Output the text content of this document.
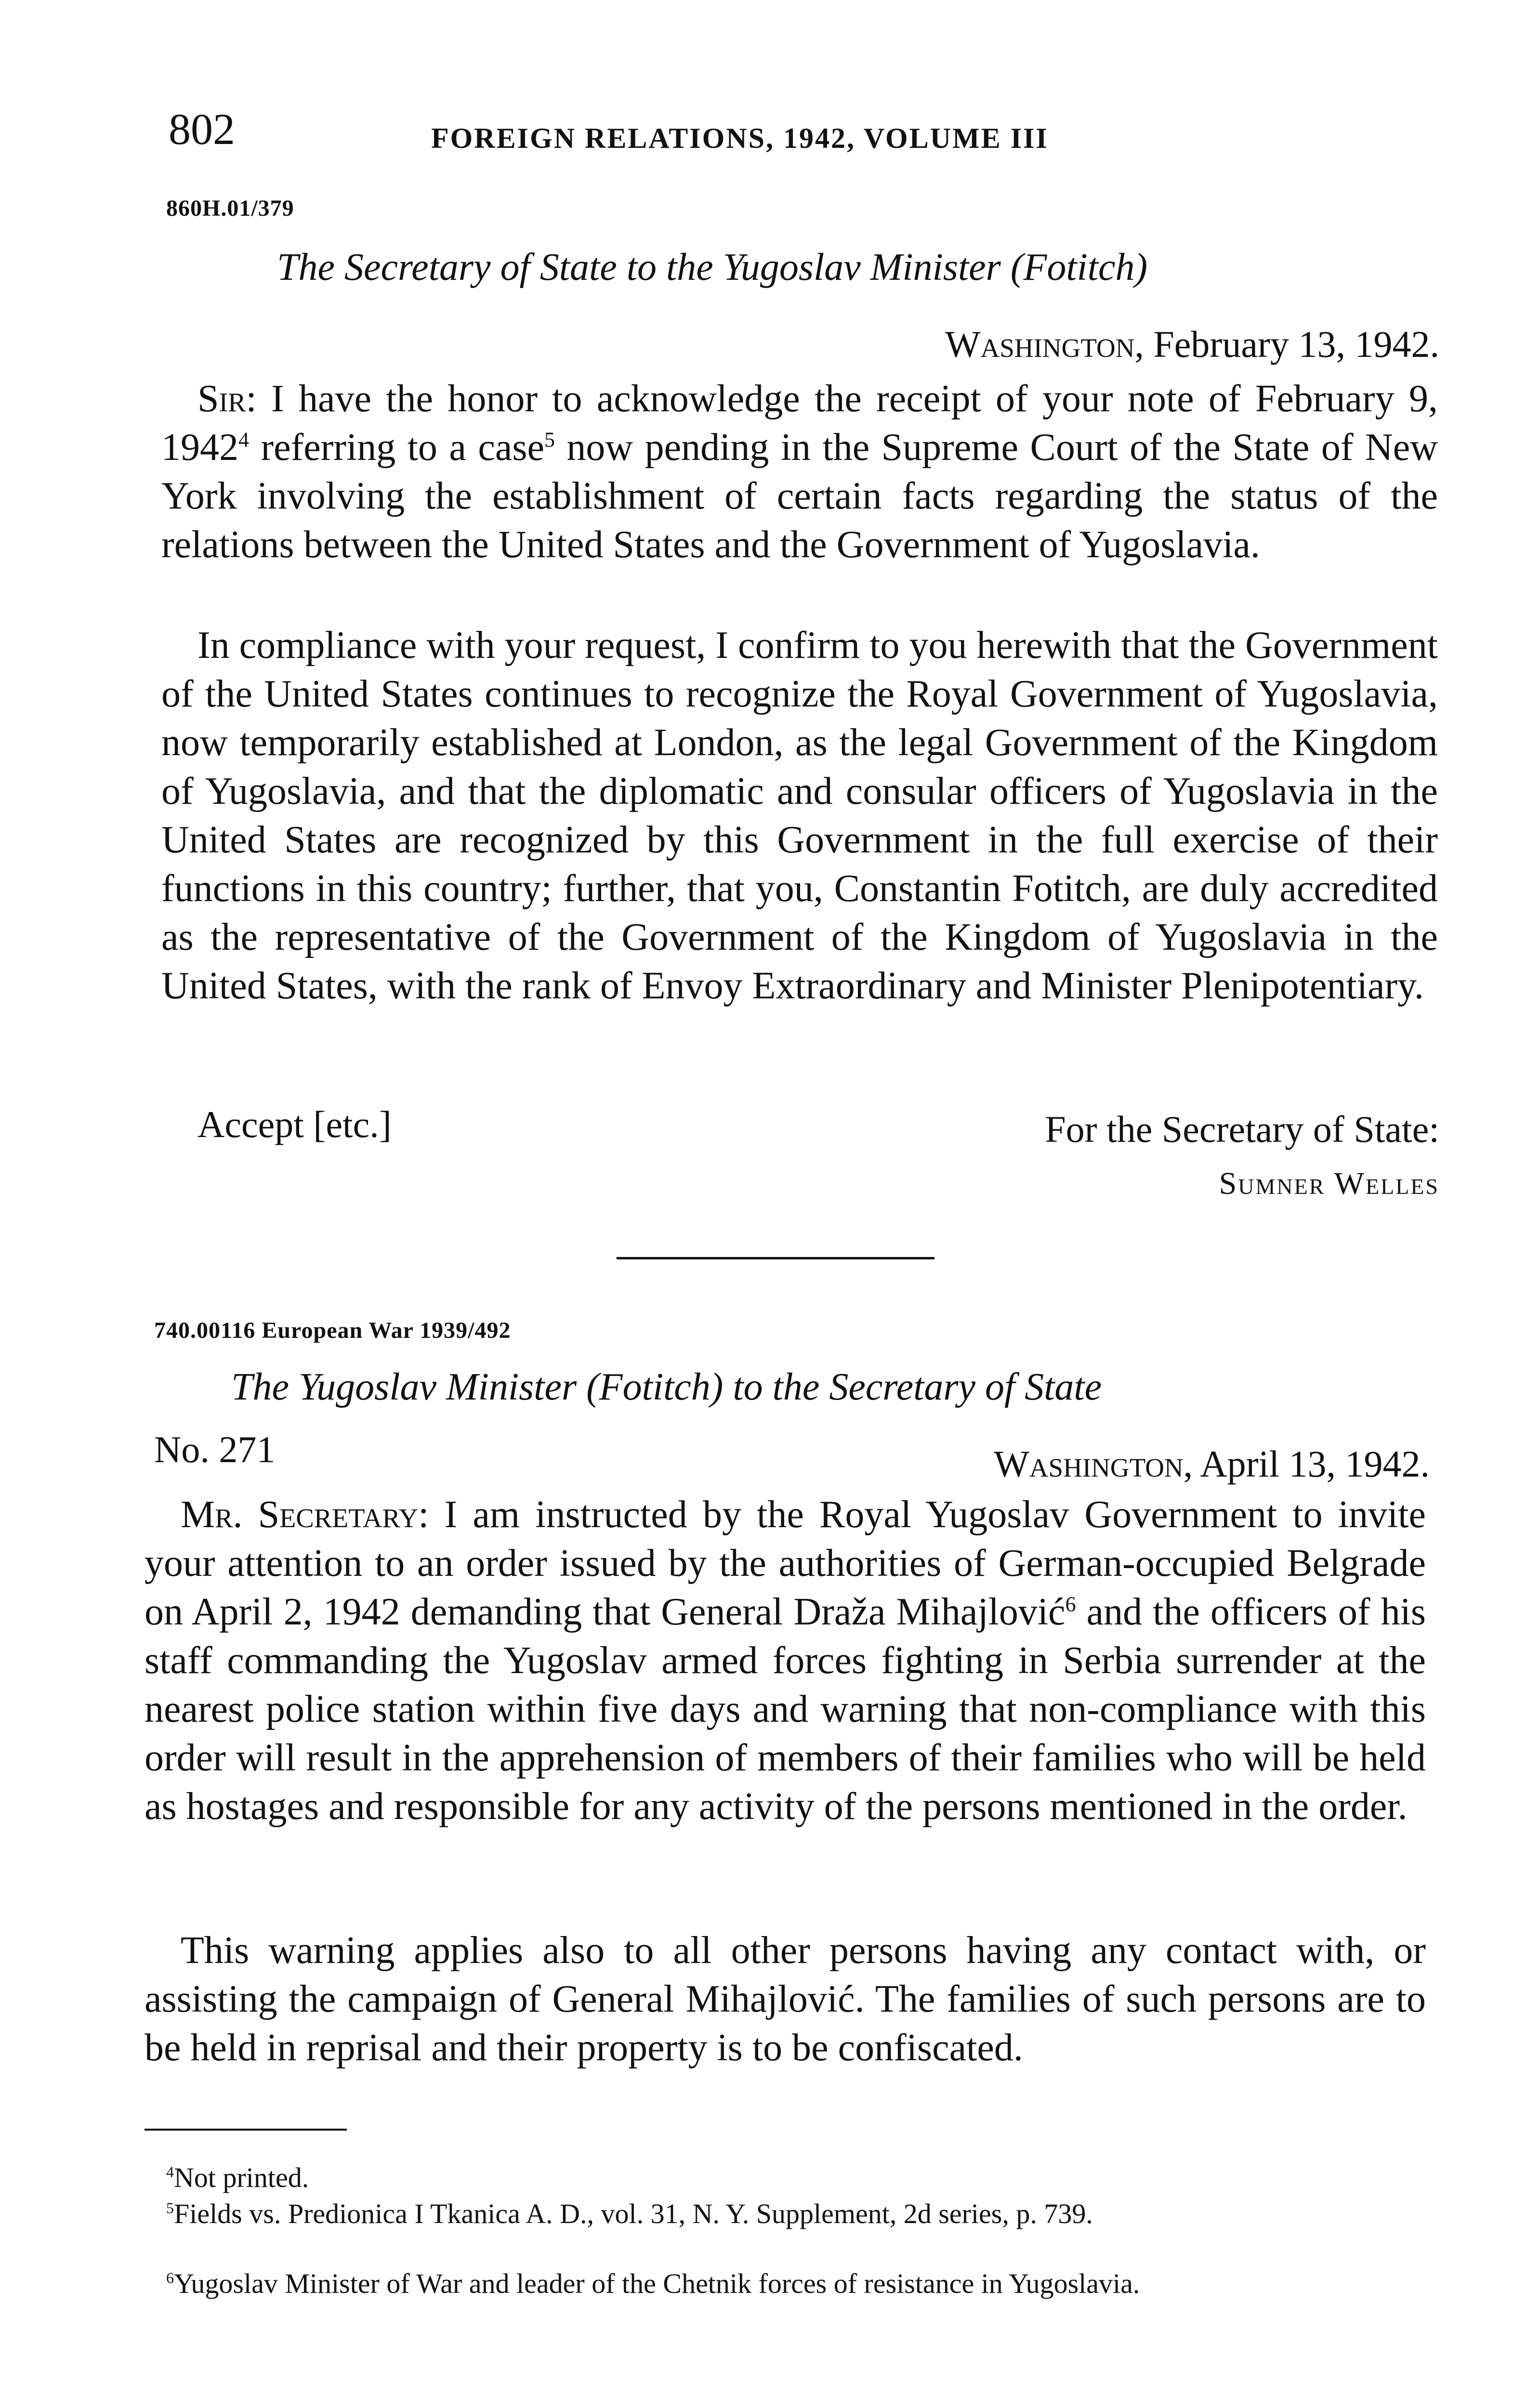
802	FOREIGN RELATIONS, 1942, VOLUME III
860H.01/379
The Secretary of State to the Yugoslav Minister (Fotitch)
Washington, February 13, 1942.
Sir: I have the honor to acknowledge the receipt of your note of February 9, 1942$^4$ referring to a case$^5$ now pending in the Supreme Court of the State of New York involving the establishment of certain facts regarding the status of the relations between the United States and the Government of Yugoslavia.
In compliance with your request, I confirm to you herewith that the Government of the United States continues to recognize the Royal Government of Yugoslavia, now temporarily established at London, as the legal Government of the Kingdom of Yugoslavia, and that the diplomatic and consular officers of Yugoslavia in the United States are recognized by this Government in the full exercise of their functions in this country; further, that you, Constantin Fotitch, are duly accredited as the representative of the Government of the Kingdom of Yugoslavia in the United States, with the rank of Envoy Extraordinary and Minister Plenipotentiary.
Accept [etc.]	For the Secretary of State:
Sumner Welles
740.00116 European War 1939/492
The Yugoslav Minister (Fotitch) to the Secretary of State
No. 271	Washington, April 13, 1942.
Mr. Secretary: I am instructed by the Royal Yugoslav Government to invite your attention to an order issued by the authorities of German-occupied Belgrade on April 2, 1942 demanding that General Draža Mihajlović$^6$ and the officers of his staff commanding the Yugoslav armed forces fighting in Serbia surrender at the nearest police station within five days and warning that non-compliance with this order will result in the apprehension of members of their families who will be held as hostages and responsible for any activity of the persons mentioned in the order.
This warning applies also to all other persons having any contact with, or assisting the campaign of General Mihajlović. The families of such persons are to be held in reprisal and their property is to be confiscated.
$^4$Not printed.
$^5$Fields vs. Predionica I Tkanica A. D., vol. 31, N. Y. Supplement, 2d series, p. 739.
$^6$Yugoslav Minister of War and leader of the Chetnik forces of resistance in Yugoslavia.
